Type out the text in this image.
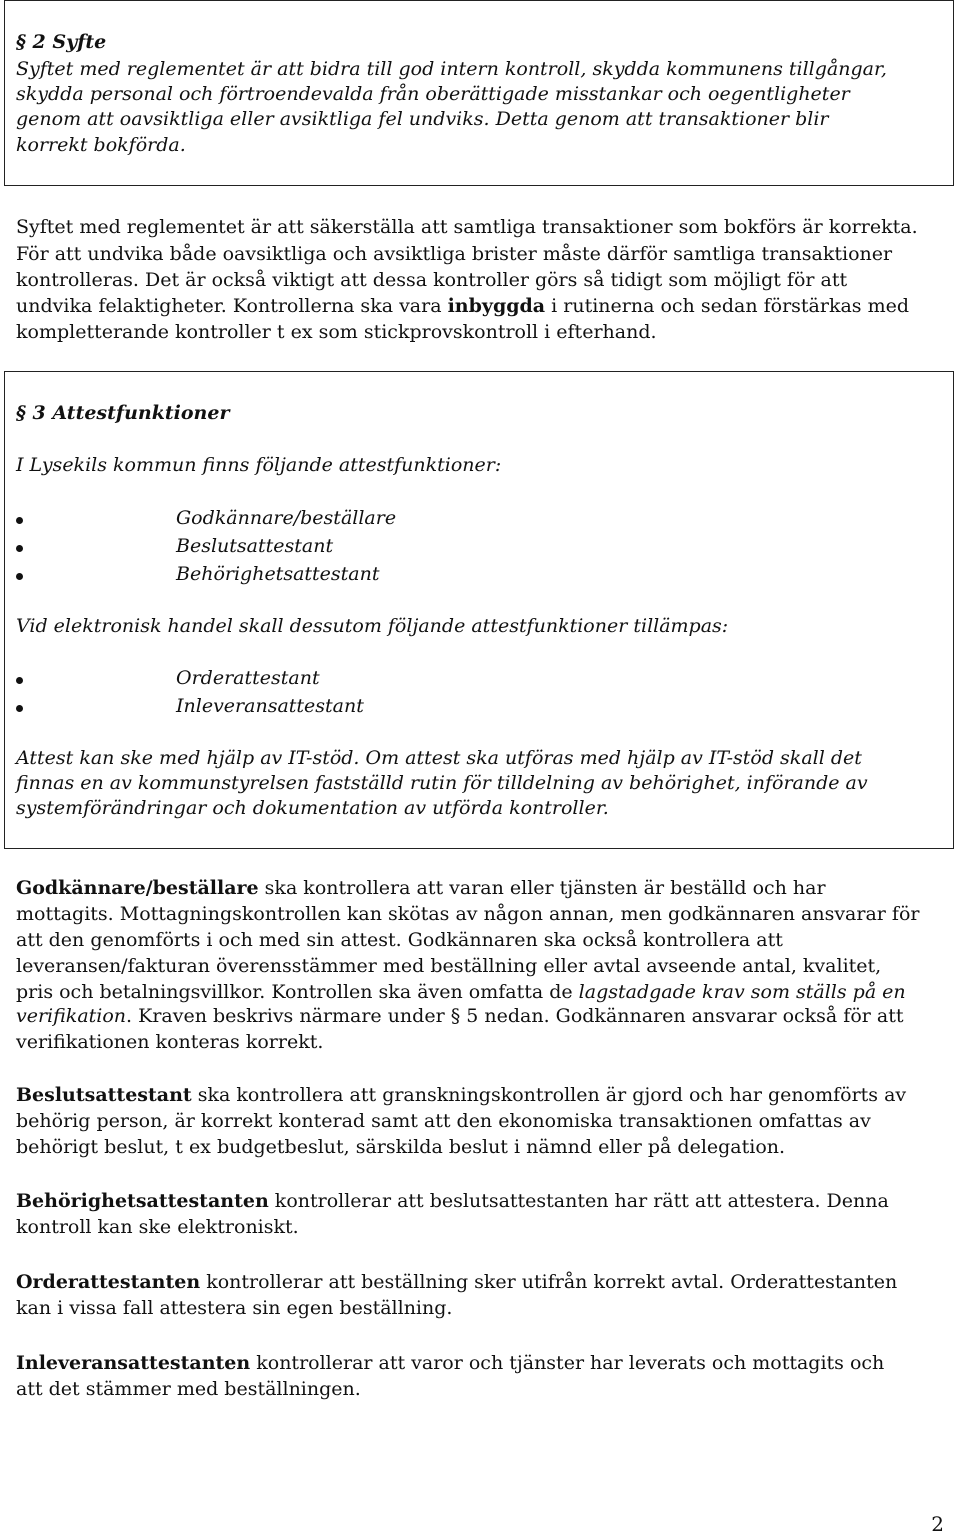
§ 2 Syfte
Syftet med reglementet är att bidra till god intern kontroll, skydda kommunens tillgångar,
skydda personal och förtroendevalda från oberättigade misstankar och oegentligheter
genom att oavsiktliga eller avsiktliga fel undviks. Detta genom att transaktioner blir
korrekt bokförda.
Syftet med reglementet är att säkerställa att samtliga transaktioner som bokförs är korrekta.
För att undvika både oavsiktliga och avsiktliga brister måste därför samtliga transaktioner
kontrolleras. Det är också viktigt att dessa kontroller görs så tidigt som möjligt för att
undvika felaktigheter. Kontrollerna ska vara inbyggda i rutinerna och sedan förstärkas med
kompletterande kontroller t ex som stickprovskontroll i efterhand.
§ 3 Attestfunktioner
I Lysekils kommun finns följande attestfunktioner:
Godkännare/beställare
Beslutsattestant
Behörighetsattestant
Vid elektronisk handel skall dessutom följande attestfunktioner tillämpas:
Orderattestant
Inleveransattestant
Attest kan ske med hjälp av IT-stöd. Om attest ska utföras med hjälp av IT-stöd skall det
finnas en av kommunstyrelsen fastställd rutin för tilldelning av behörighet, införande av
systemförändringar och dokumentation av utförda kontroller.
Godkännare/beställare ska kontrollera att varan eller tjänsten är beställd och har
mottagits. Mottagningskontrollen kan skötas av någon annan, men godkännaren ansvarar för
att den genomförts i och med sin attest. Godkännaren ska också kontrollera att
leveransen/fakturan överensstämmer med beställning eller avtal avseende antal, kvalitet,
pris och betalningsvillkor. Kontrollen ska även omfatta de lagstadgade krav som ställs på en
verifikation. Kraven beskrivs närmare under § 5 nedan. Godkännaren ansvarar också för att
verifikationen konteras korrekt.
Beslutsattestant ska kontrollera att granskningskontrollen är gjord och har genomförts av
behörig person, är korrekt konterad samt att den ekonomiska transaktionen omfattas av
behörigt beslut, t ex budgetbeslut, särskilda beslut i nämnd eller på delegation.
Behörighetsattestanten kontrollerar att beslutsattestanten har rätt att attestera. Denna
kontroll kan ske elektroniskt.
Orderattestanten kontrollerar att beställning sker utifrån korrekt avtal. Orderattestanten
kan i vissa fall attestera sin egen beställning.
Inleveransattestanten kontrollerar att varor och tjänster har leverats och mottagits och
att det stämmer med beställningen.
2
